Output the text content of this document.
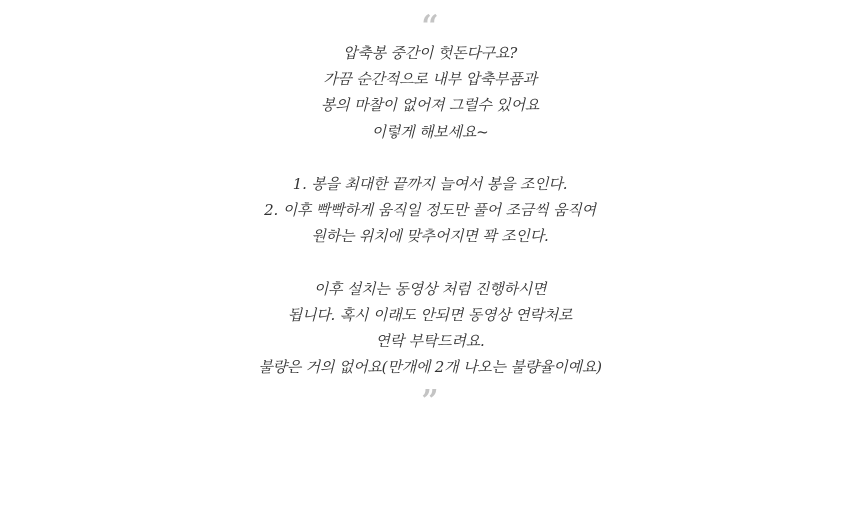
“
압축봉 중간이 헛돈다구요?
가끔 순간적으로 내부 압축부품과
봉의 마찰이 없어져 그럴수 있어요
이렇게 해보세요~
1. 봉을 최대한 끝까지 늘여서 봉을 조인다.
2. 이후 빡빡하게 움직일 정도만 풀어 조금씩 움직여
원하는 위치에 맞추어지면 꽉 조인다.
이후 설치는 동영상 처럼 진행하시면
됩니다. 혹시 이래도 안되면 동영상 연락처로
연락 부탁드려요.
불량은 거의 없어요(만개에 2개 나오는 불량율이예요)
”
